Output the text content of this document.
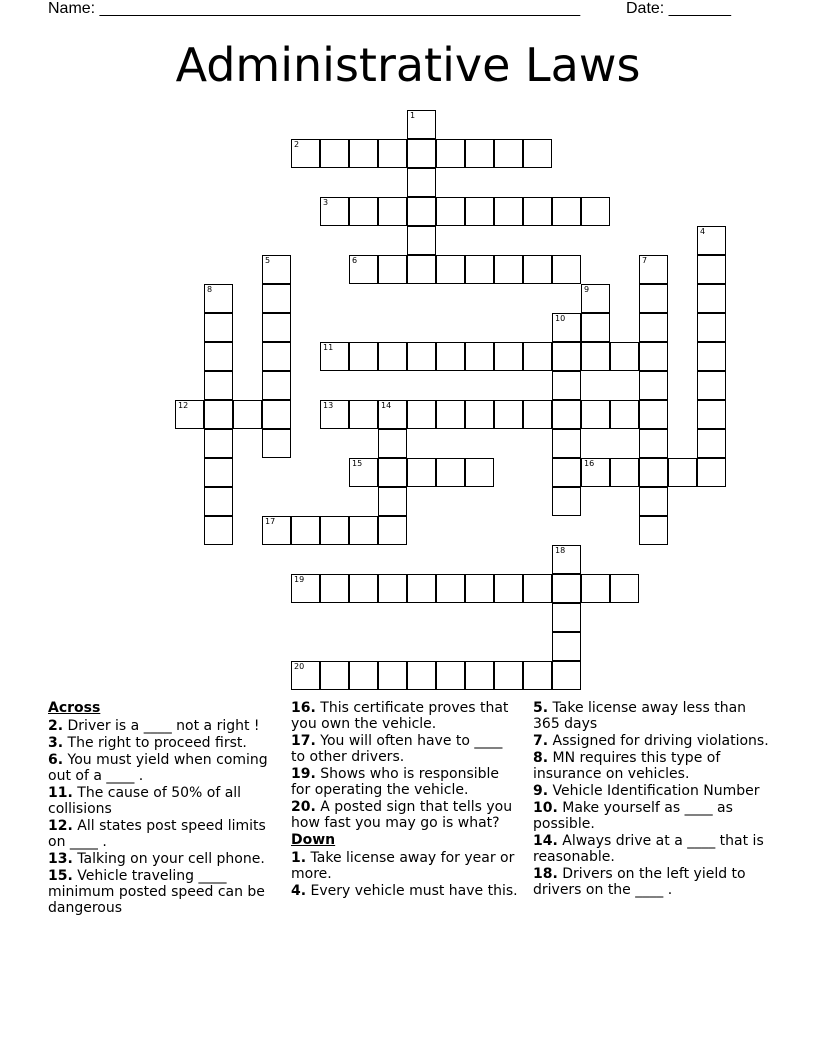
Name: ______________________________________________________	Date: _______
Administrative Laws
1
2
3
4
5	6	7
8	9
10
11
12	13	14
15	16
17
18
19
20
Across
2. Driver is a ____ not a right !
3. The right to proceed first.
6. You must yield when coming out of a ____ .
11. The cause of 50% of all collisions
12. All states post speed limits on ____ .
13. Talking on your cell phone.
15. Vehicle traveling ____ minimum posted speed can be dangerous
16. This certificate proves that you own the vehicle.
17. You will often have to ____ to other drivers.
19. Shows who is responsible for operating the vehicle.
20. A posted sign that tells you how fast you may go is what?
Down
1. Take license away for year or more.
4. Every vehicle must have this.
5. Take license away less than 365 days
7. Assigned for driving violations.
8. MN requires this type of insurance on vehicles.
9. Vehicle Identification Number
10. Make yourself as ____ as possible.
14. Always drive at a ____ that is reasonable.
18. Drivers on the left yield to drivers on the ____ .
